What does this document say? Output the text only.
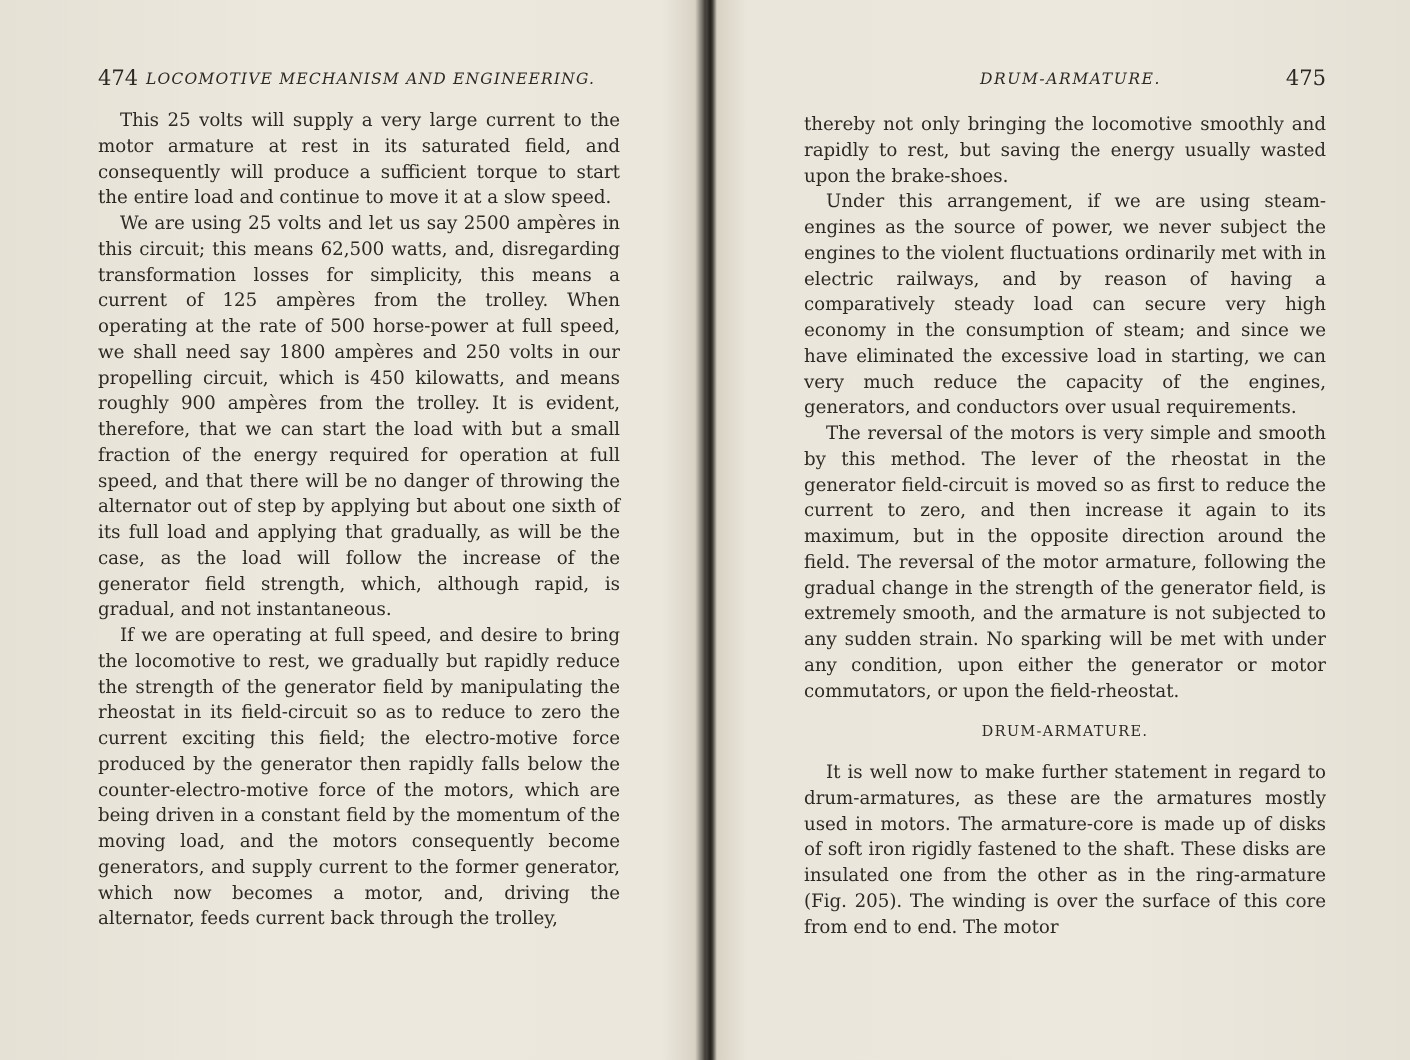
474 LOCOMOTIVE MECHANISM AND ENGINEERING.

This 25 volts will supply a very large current to the motor armature at rest in its saturated field, and consequently will produce a sufficient torque to start the entire load and continue to move it at a slow speed.

We are using 25 volts and let us say 2500 ampères in this circuit; this means 62,500 watts, and, disregarding transformation losses for simplicity, this means a current of 125 ampères from the trolley. When operating at the rate of 500 horse-power at full speed, we shall need say 1800 ampères and 250 volts in our propelling circuit, which is 450 kilowatts, and means roughly 900 ampères from the trolley. It is evident, therefore, that we can start the load with but a small fraction of the energy required for operation at full speed, and that there will be no danger of throwing the alternator out of step by applying but about one sixth of its full load and applying that gradually, as will be the case, as the load will follow the increase of the generator field strength, which, although rapid, is gradual, and not instantaneous.

If we are operating at full speed, and desire to bring the locomotive to rest, we gradually but rapidly reduce the strength of the generator field by manipulating the rheostat in its field-circuit so as to reduce to zero the current exciting this field; the electro-motive force produced by the generator then rapidly falls below the counter-electro-motive force of the motors, which are being driven in a constant field by the momentum of the moving load, and the motors consequently become generators, and supply current to the former generator, which now becomes a motor, and, driving the alternator, feeds current back through the trolley,

DRUM-ARMATURE.	475

thereby not only bringing the locomotive smoothly and rapidly to rest, but saving the energy usually wasted upon the brake-shoes.

Under this arrangement, if we are using steam-engines as the source of power, we never subject the engines to the violent fluctuations ordinarily met with in electric railways, and by reason of having a comparatively steady load can secure very high economy in the consumption of steam; and since we have eliminated the excessive load in starting, we can very much reduce the capacity of the engines, generators, and conductors over usual requirements.

The reversal of the motors is very simple and smooth by this method. The lever of the rheostat in the generator field-circuit is moved so as first to reduce the current to zero, and then increase it again to its maximum, but in the opposite direction around the field. The reversal of the motor armature, following the gradual change in the strength of the generator field, is extremely smooth, and the armature is not subjected to any sudden strain. No sparking will be met with under any condition, upon either the generator or motor commutators, or upon the field-rheostat.

DRUM-ARMATURE.

It is well now to make further statement in regard to drum-armatures, as these are the armatures mostly used in motors. The armature-core is made up of disks of soft iron rigidly fastened to the shaft. These disks are insulated one from the other as in the ring-armature (Fig. 205). The winding is over the surface of this core from end to end. The motor
